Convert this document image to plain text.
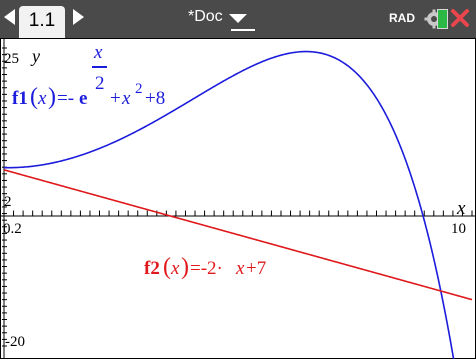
1.1	*Doc	RAD
25
2
0.2	10
-20
y
x
f1 ( x ) =- e
x
2
+ x 2 +8
f2 ( x ) =-2· x +7
